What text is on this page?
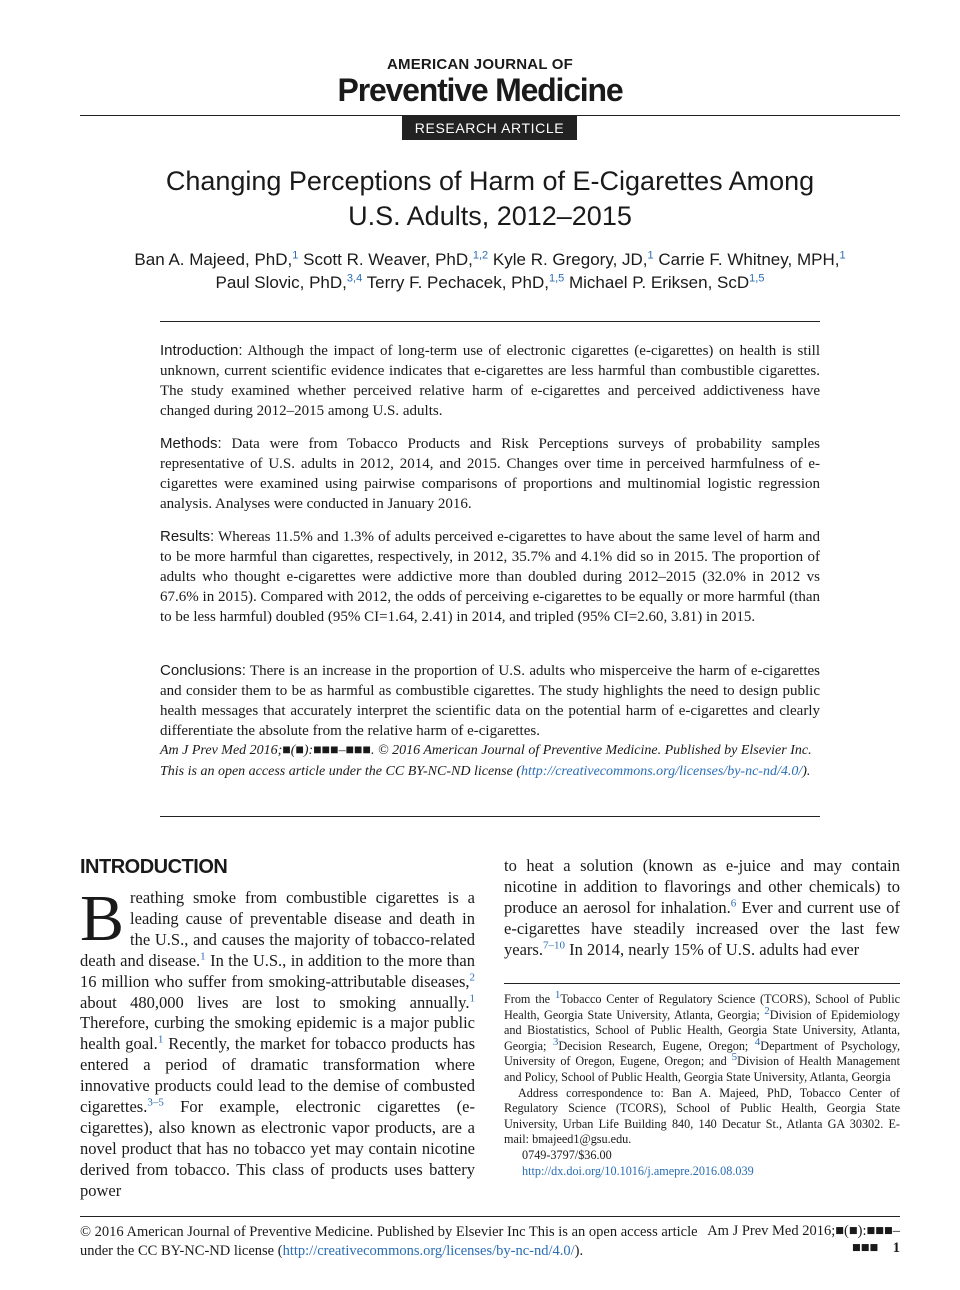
AMERICAN JOURNAL OF
Preventive Medicine
RESEARCH ARTICLE
Changing Perceptions of Harm of E-Cigarettes Among
U.S. Adults, 2012–2015
Ban A. Majeed, PhD,$^1$ Scott R. Weaver, PhD,$^{1,2}$ Kyle R. Gregory, JD,$^1$ Carrie F. Whitney, MPH,$^1$
Paul Slovic, PhD,$^{3,4}$ Terry F. Pechacek, PhD,$^{1,5}$ Michael P. Eriksen, ScD$^{1,5}$
Introduction: Although the impact of long-term use of electronic cigarettes (e-cigarettes) on health is still unknown, current scientific evidence indicates that e-cigarettes are less harmful than combustible cigarettes. The study examined whether perceived relative harm of e-cigarettes and perceived addictiveness have changed during 2012–2015 among U.S. adults.
Methods: Data were from Tobacco Products and Risk Perceptions surveys of probability samples representative of U.S. adults in 2012, 2014, and 2015. Changes over time in perceived harmfulness of e-cigarettes were examined using pairwise comparisons of proportions and multinomial logistic regression analysis. Analyses were conducted in January 2016.
Results: Whereas 11.5% and 1.3% of adults perceived e-cigarettes to have about the same level of harm and to be more harmful than cigarettes, respectively, in 2012, 35.7% and 4.1% did so in 2015. The proportion of adults who thought e-cigarettes were addictive more than doubled during 2012–2015 (32.0% in 2012 vs 67.6% in 2015). Compared with 2012, the odds of perceiving e-cigarettes to be equally or more harmful (than to be less harmful) doubled (95% CI=1.64, 2.41) in 2014, and tripled (95% CI=2.60, 3.81) in 2015.
Conclusions: There is an increase in the proportion of U.S. adults who misperceive the harm of e-cigarettes and consider them to be as harmful as combustible cigarettes. The study highlights the need to design public health messages that accurately interpret the scientific data on the potential harm of e-cigarettes and clearly differentiate the absolute from the relative harm of e-cigarettes.
Am J Prev Med 2016;■(■):■■■–■■■. © 2016 American Journal of Preventive Medicine. Published by Elsevier Inc. This is an open access article under the CC BY-NC-ND license (http://creativecommons.org/licenses/by-nc-nd/4.0/).
INTRODUCTION
Breathing smoke from combustible cigarettes is a leading cause of preventable disease and death in the U.S., and causes the majority of tobacco-related death and disease.$^1$ In the U.S., in addition to the more than 16 million who suffer from smoking-attributable diseases,$^2$ about 480,000 lives are lost to smoking annually.$^1$ Therefore, curbing the smoking epidemic is a major public health goal.$^1$ Recently, the market for tobacco products has entered a period of dramatic transformation where innovative products could lead to the demise of combusted cigarettes.$^{3-5}$ For example, electronic cigarettes (e-cigarettes), also known as electronic vapor products, are a novel product that has no tobacco yet may contain nicotine derived from tobacco. This class of products uses battery power
to heat a solution (known as e-juice and may contain nicotine in addition to flavorings and other chemicals) to produce an aerosol for inhalation.$^6$ Ever and current use of e-cigarettes have steadily increased over the last few years.$^{7-10}$ In 2014, nearly 15% of U.S. adults had ever

From the $^1$Tobacco Center of Regulatory Science (TCORS), School of Public Health, Georgia State University, Atlanta, Georgia; $^2$Division of Epidemiology and Biostatistics, School of Public Health, Georgia State University, Atlanta, Georgia; $^3$Decision Research, Eugene, Oregon; $^4$Department of Psychology, University of Oregon, Eugene, Oregon; and $^5$Division of Health Management and Policy, School of Public Health, Georgia State University, Atlanta, Georgia

Address correspondence to: Ban A. Majeed, PhD, Tobacco Center of Regulatory Science (TCORS), School of Public Health, Georgia State University, Urban Life Building 840, 140 Decatur St., Atlanta GA 30302. E-mail: bmajeed1@gsu.edu.

0749-3797/$36.00

http://dx.doi.org/10.1016/j.amepre.2016.08.039

© 2016 American Journal of Preventive Medicine. Published by Elsevier Inc This is an open access article under the CC BY-NC-ND license (http://creativecommons.org/licenses/by-nc-nd/4.0/).
Am J Prev Med 2016;■(■):■■■–■■■ 1
